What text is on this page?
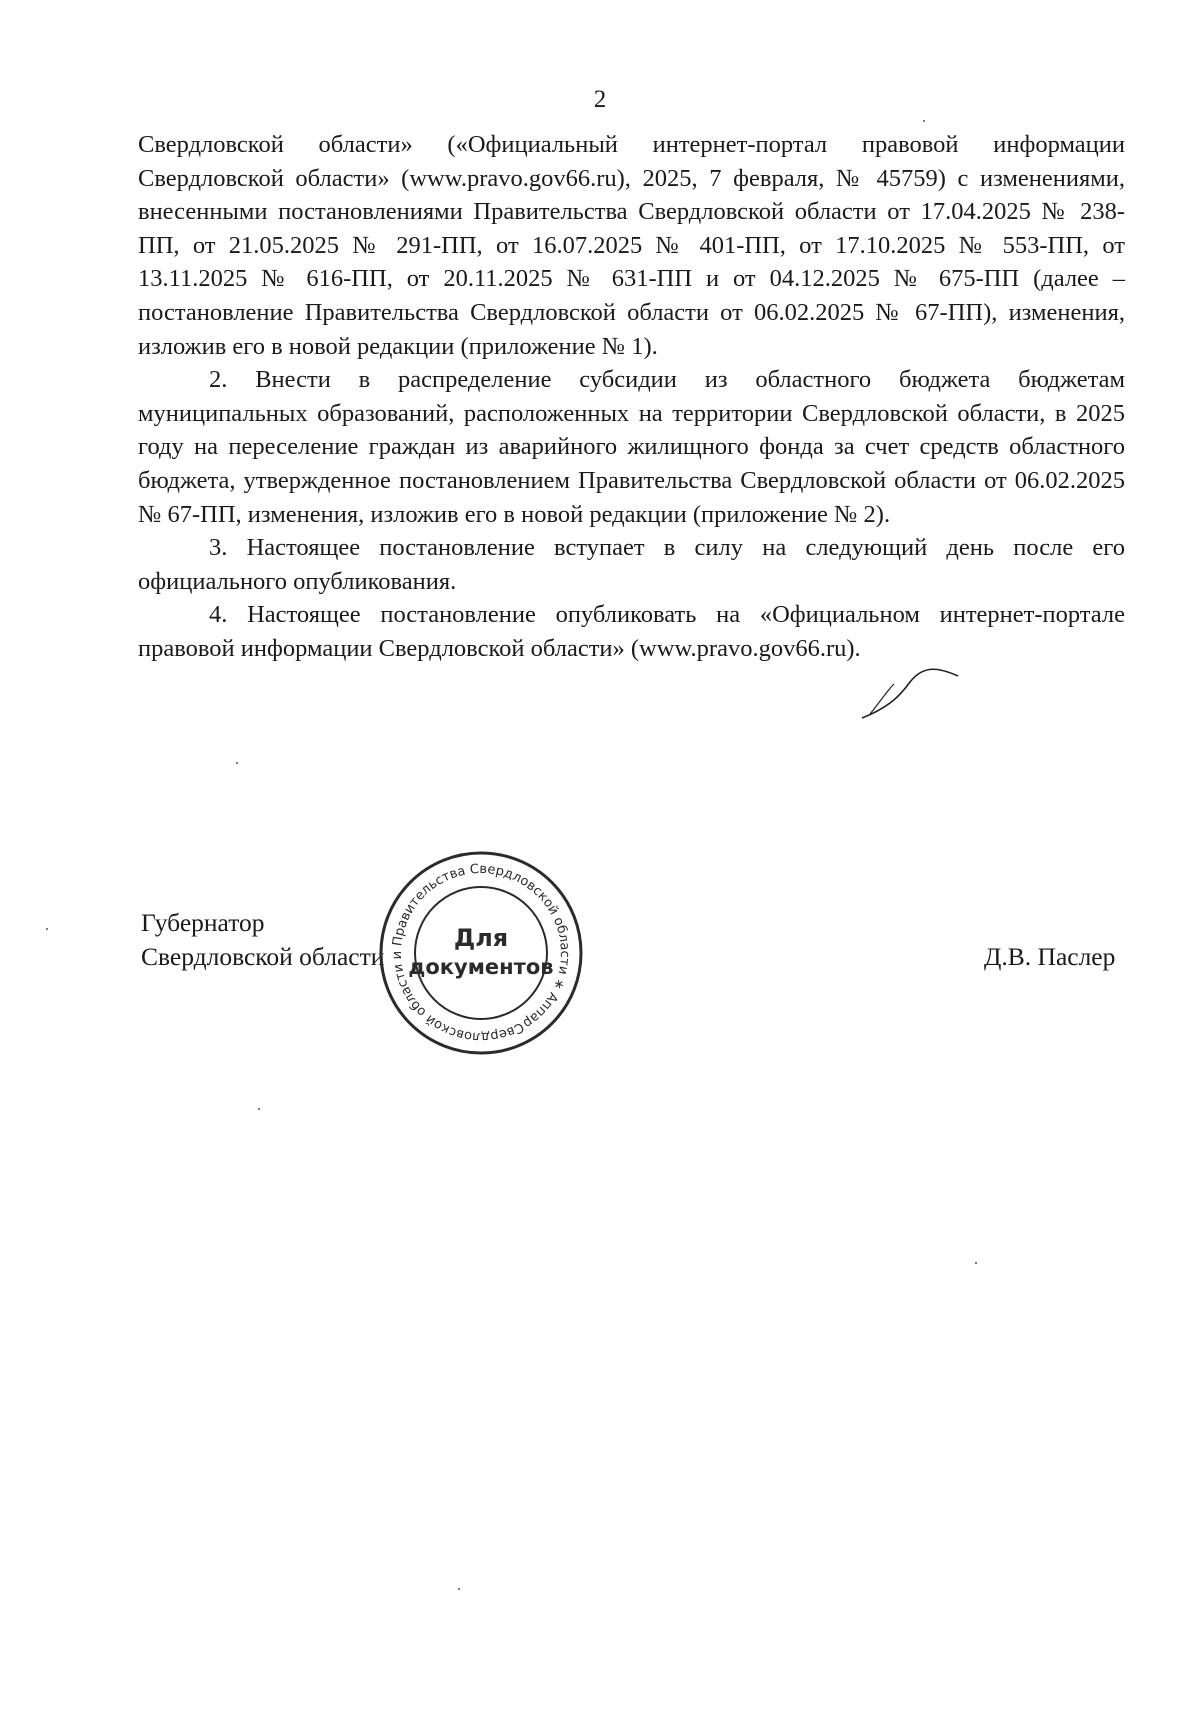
2

Свердловской области» («Официальный интернет-портал правовой информации Свердловской области» (www.pravo.gov66.ru), 2025, 7 февраля, № 45759) с изменениями, внесенными постановлениями Правительства Свердловской области от 17.04.2025 № 238-ПП, от 21.05.2025 № 291-ПП, от 16.07.2025 № 401-ПП, от 17.10.2025 № 553-ПП, от 13.11.2025 № 616-ПП, от 20.11.2025 № 631-ПП и от 04.12.2025 № 675-ПП (далее – постановление Правительства Свердловской области от 06.02.2025 № 67-ПП), изменения, изложив его в новой редакции (приложение № 1).

2. Внести в распределение субсидии из областного бюджета бюджетам муниципальных образований, расположенных на территории Свердловской области, в 2025 году на переселение граждан из аварийного жилищного фонда за счет средств областного бюджета, утвержденное постановлением Правительства Свердловской области от 06.02.2025 № 67-ПП, изменения, изложив его в новой редакции (приложение № 2).

3. Настоящее постановление вступает в силу на следующий день после его официального опубликования.

4. Настоящее постановление опубликовать на «Официальном интернет-портале правовой информации Свердловской области» (www.pravo.gov66.ru).

Губернатор
Свердловской области	Д.В. Паслер
Свердловской области и Правительства Свердловской области ∗ Аппарат
Для
документов
